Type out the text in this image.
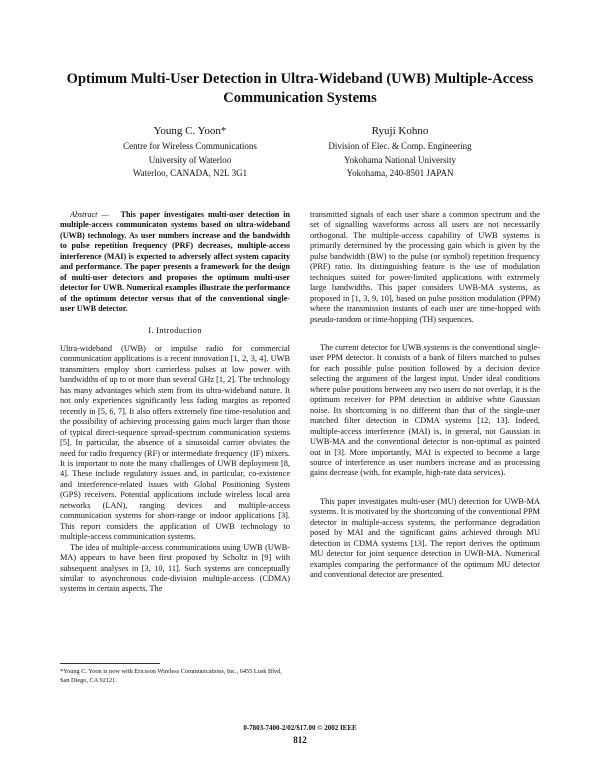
Optimum Multi-User Detection in Ultra-Wideband (UWB) Multiple-Access Communication Systems
Young C. Yoon*
Centre for Wireless Communications
University of Waterloo
Waterloo, CANADA, N2L 3G1
Ryuji Kohno
Division of Elec. & Comp. Engineering
Yokohama National University
Yokohama, 240-8501 JAPAN

Abstract — This paper investigates multi-user detection in multiple-access communicaton systems based on ultra-wideband (UWB) technology. As user numbers increase and the bandwidth to pulse repetition frequency (PRF) decreases, multiple-access interference (MAI) is expected to adversely affect system capacity and performance. The paper presents a framework for the design of multi-user detectors and proposes the optimum multi-user detector for UWB. Numerical examples illustrate the performance of the optimum detector versus that of the conventional single-user UWB detector.

I. Introduction

Ultra-wideband (UWB) or impulse radio for commercial communication applications is a recent innovation [1, 2, 3, 4]. UWB transmitters employ short carrierless pulses at low power with bandwidths of up to or more than several GHz [1, 2]. The technology has many advantages which stem from its ultra-wideband nature. It not only experiences significantly less fading margins as reported recently in [5, 6, 7]. It also offers extremely fine time-resolution and the possibility of achieving processing gains much larger than those of typical direct-sequence spread-spectrum communication systems [5]. In particular, the absence of a sinusoidal carrier obviates the need for radio frequency (RF) or intermediate frequency (IF) mixers. It is important to note the many challenges of UWB deployment [8, 4]. These include regulatory issues and, in particular, co-existence and interference-related issues with Global Positioning System (GPS) receivers. Potential applications include wireless local area networks (LAN), ranging devices and multiple-access communication systems for short-range or indoor applications [3]. This report considers the application of UWB technology to multiple-access communication systems.

The idea of multiple-access communications using UWB (UWB-MA) appears to have been first proposed by Scholtz in [9] with subsequent analyses in [3, 10, 11]. Such systems are conceptually similar to asynchronous code-division multiple-access (CDMA) systems in certain aspects. The

transmitted signals of each user share a common spectrum and the set of signalling waveforms across all users are not necessarily orthogonal. The multiple-access capability of UWB systems is primarily determined by the processing gain which is given by the pulse bandwidth (BW) to the pulse (or symbol) repetition frequency (PRF) ratio. Its distinguishing feature is the use of modulation techniques suited for power-limited applications with extremely large bandwidths. This paper considers UWB-MA systems, as proposed in [1, 3, 9, 10], based on pulse position modulation (PPM) where the transmission instants of each user are time-hopped with pseudo-random or time-hopping (TH) sequences.

The current detector for UWB systems is the conventional single-user PPM detector. It consists of a bank of filters matched to pulses for each possible pulse position followed by a decision device selecting the argument of the largest input. Under ideal conditions where pulse positions between any two users do not overlap, it is the optimum receiver for PPM detection in additive white Gaussian noise. Its shortcoming is no different than that of the single-user matched filter detection in CDMA systems [12, 13]. Indeed, multiple-access interference (MAI) is, in general, not Gaussian in UWB-MA and the conventional detector is non-optimal as pointed out in [3]. More importantly, MAI is expected to become a large source of interference as user numbers increase and as processing gains decrease (with, for example, high-rate data services).

This paper investigates multi-user (MU) detection for UWB-MA systems. It is motivated by the shortcoming of the conventional PPM detector in multiple-access systems, the performance degradation posed by MAI and the significant gains achieved through MU detection in CDMA systems [13]. The report derives the optimum MU detector for joint sequence detection in UWB-MA. Numerical examples comparing the performance of the optimum MU detector and conventional detector are presented.

*Young C. Yoon is now with Ericsson Wireless Communications, Inc., 6455 Lusk Blvd, San Diego, CA 92121.
0-7803-7400-2/02/$17.00 © 2002 IEEE
812
